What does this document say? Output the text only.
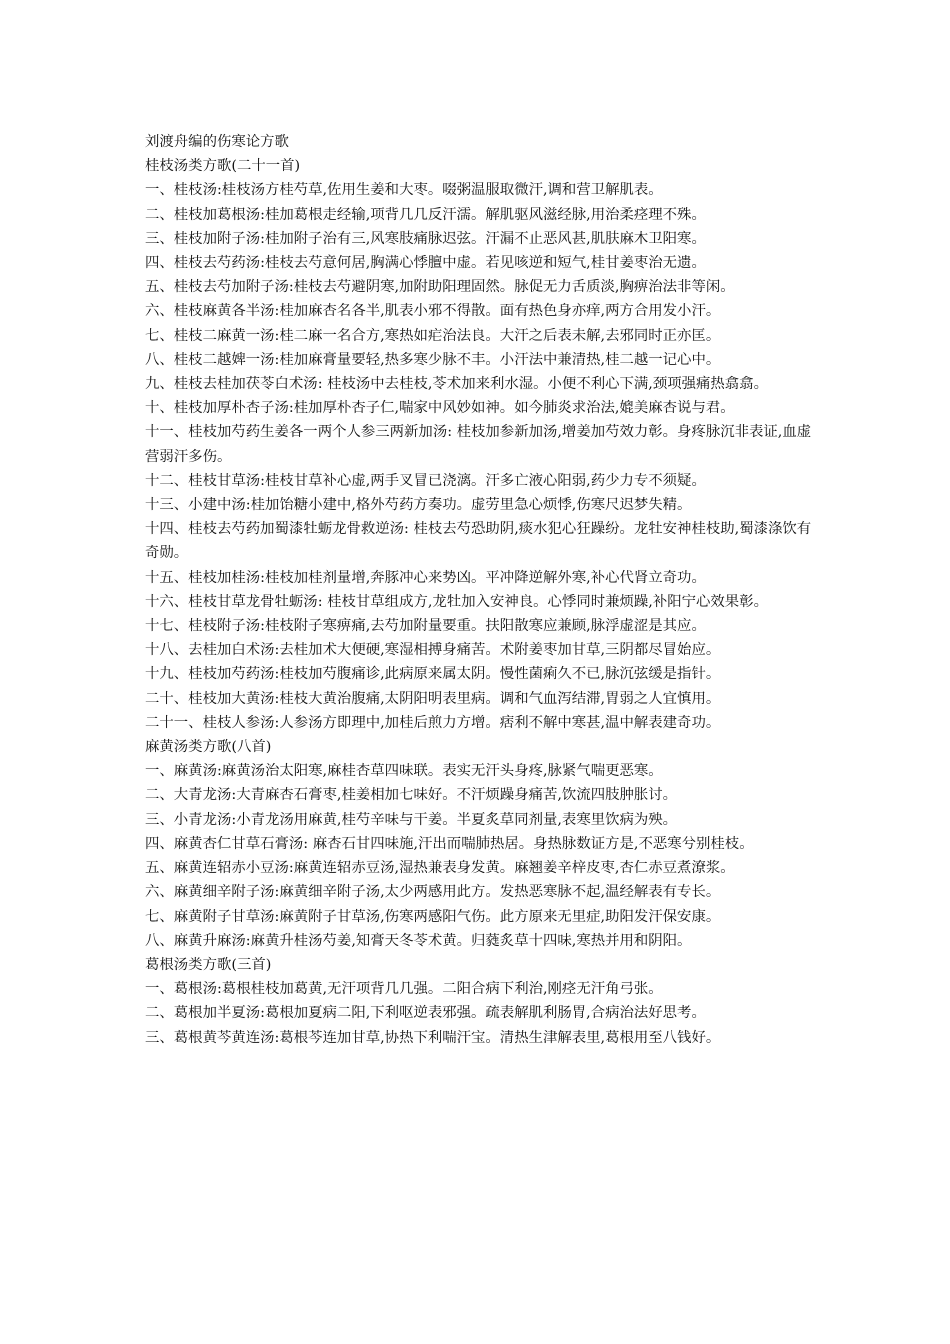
刘渡舟编的伤寒论方歌

桂枝汤类方歌(二十一首)

一、桂枝汤:桂枝汤方桂芍草,佐用生姜和大枣。啜粥温服取微汗,调和营卫解肌表。

二、桂枝加葛根汤:桂加葛根走经输,项背几几反汗濡。解肌驱风滋经脉,用治柔痉理不殊。

三、桂枝加附子汤:桂加附子治有三,风寒肢痛脉迟弦。汗漏不止恶风甚,肌肤麻木卫阳寒。

四、桂枝去芍药汤:桂枝去芍意何居,胸满心悸膻中虚。若见咳逆和短气,桂甘姜枣治无遗。

五、桂枝去芍加附子汤:桂枝去芍避阴寒,加附助阳理固然。脉促无力舌质淡,胸痹治法非等闲。

六、桂枝麻黄各半汤:桂加麻杏名各半,肌表小邪不得散。面有热色身亦痒,两方合用发小汗。

七、桂枝二麻黄一汤:桂二麻一名合方,寒热如疟治法良。大汗之后表未解,去邪同时正亦匡。

八、桂枝二越婢一汤:桂加麻膏量要轻,热多寒少脉不丰。小汗法中兼清热,桂二越一记心中。

九、桂枝去桂加茯苓白术汤: 桂枝汤中去桂枝,苓术加来利水湿。小便不利心下满,颈项强痛热翕翕。

十、桂枝加厚朴杏子汤:桂加厚朴杏子仁,喘家中风妙如神。如今肺炎求治法,媲美麻杏说与君。

十一、桂枝加芍药生姜各一两个人参三两新加汤: 桂枝加参新加汤,增姜加芍效力彰。身疼脉沉非表证,血虚营弱汗多伤。

十二、桂枝甘草汤:桂枝甘草补心虚,两手叉冒已浇漓。汗多亡液心阳弱,药少力专不须疑。

十三、小建中汤:桂加饴糖小建中,格外芍药方奏功。虚劳里急心烦悸,伤寒尺迟梦失精。

十四、桂枝去芍药加蜀漆牡蛎龙骨救逆汤: 桂枝去芍恐助阴,痰水犯心狂躁纷。龙牡安神桂枝助,蜀漆涤饮有奇勋。

十五、桂枝加桂汤:桂枝加桂剂量增,奔豚冲心来势凶。平冲降逆解外寒,补心代肾立奇功。

十六、桂枝甘草龙骨牡蛎汤: 桂枝甘草组成方,龙牡加入安神良。心悸同时兼烦躁,补阳宁心效果彰。

十七、桂枝附子汤:桂枝附子寒痹痛,去芍加附量要重。扶阳散寒应兼顾,脉浮虚涩是其应。

十八、去桂加白术汤:去桂加术大便硬,寒湿相搏身痛苦。术附姜枣加甘草,三阴都尽冒始应。

十九、桂枝加芍药汤:桂枝加芍腹痛诊,此病原来属太阴。慢性菌痢久不已,脉沉弦缓是指针。

二十、桂枝加大黄汤:桂枝大黄治腹痛,太阴阳明表里病。调和气血泻结滞,胃弱之人宜慎用。

二十一、桂枝人参汤:人参汤方即理中,加桂后煎力方增。痞利不解中寒甚,温中解表建奇功。

麻黄汤类方歌(八首)

一、麻黄汤:麻黄汤治太阳寒,麻桂杏草四味联。表实无汗头身疼,脉紧气喘更恶寒。

二、大青龙汤:大青麻杏石膏枣,桂姜相加七味好。不汗烦躁身痛苦,饮流四肢肿胀讨。

三、小青龙汤:小青龙汤用麻黄,桂芍辛味与干姜。半夏炙草同剂量,表寒里饮病为殃。

四、麻黄杏仁甘草石膏汤: 麻杏石甘四味施,汗出而喘肺热居。身热脉数证方是,不恶寒兮别桂枝。

五、麻黄连轺赤小豆汤:麻黄连轺赤豆汤,湿热兼表身发黄。麻翘姜辛梓皮枣,杏仁赤豆煮潦浆。

六、麻黄细辛附子汤:麻黄细辛附子汤,太少两感用此方。发热恶寒脉不起,温经解表有专长。

七、麻黄附子甘草汤:麻黄附子甘草汤,伤寒两感阳气伤。此方原来无里症,助阳发汗保安康。

八、麻黄升麻汤:麻黄升桂汤芍姜,知膏天冬苓术黄。归蕤炙草十四味,寒热并用和阴阳。

葛根汤类方歌(三首)

一、葛根汤:葛根桂枝加葛黄,无汗项背几几强。二阳合病下利治,刚痉无汗角弓张。

二、葛根加半夏汤:葛根加夏病二阳,下利呕逆表邪强。疏表解肌利肠胃,合病治法好思考。

三、葛根黄芩黄连汤:葛根芩连加甘草,协热下利喘汗宝。清热生津解表里,葛根用至八钱好。
